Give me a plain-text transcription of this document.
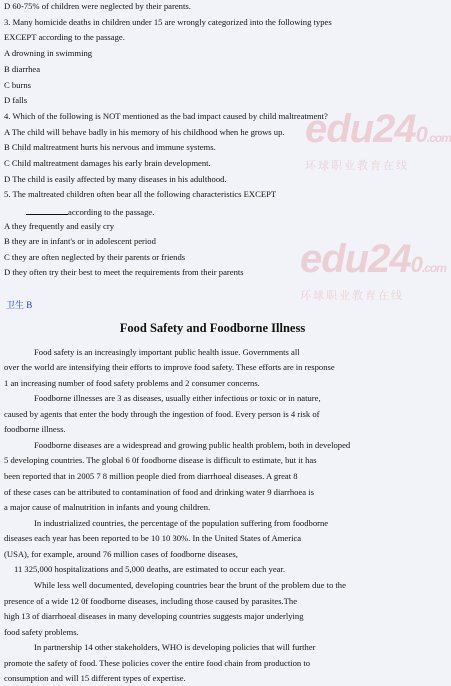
edu240.com
环球职业教育在线
edu240.com
环球职业教育在线
D 60-75% of children were neglected by their parents.
3. Many homicide deaths in children under 15 are wrongly categorized into the following types
EXCEPT according to the passage.
A drowning in swimming
B diarrhea
C burns
D falls
4. Which of the following is NOT mentioned as the bad impact caused by child maltreatment?
A The child will behave badly in his memory of his childhood when he grows up.
B Child maltreatment hurts his nervous and immune systems.
C Child maltreatment damages his early brain development.
D The child is easily affected by many diseases in his adulthood.
5. The maltreated children often bear all the following characteristics EXCEPT
according to the passage.
A they frequently and easily cry
B they are in infant's or in adolescent period
C they are often neglected by their parents or friends
D they often try their best to meet the requirements from their parents
卫生 B
Food Safety and Foodborne Illness
Food safety is an increasingly important public health issue. Governments all
over the world are intensifying their efforts to improve food safety. These efforts are in response
1 an increasing number of food safety problems and 2 consumer concerns.
Foodborne illnesses are 3 as diseases, usually either infectious or toxic or in nature,
caused by agents that enter the body through the ingestion of food. Every person is 4 risk of
foodborne illness.
Foodborne diseases are a widespread and growing public health problem, both in developed
5 developing countries. The global 6 0f foodborne disease is difficult to estimate, but it has
been reported that in 2005 7 8 million people died from diarrhoeal diseases. A great 8
of these cases can be attributed to contamination of food and drinking water 9 diarrhoea is
a major cause of malnutrition in infants and young children.
In industrialized countries, the percentage of the population suffering from foodborne
diseases each year has been reported to be 10 10 30%. In the United States of America
(USA), for example, around 76 million cases of foodborne diseases,
11 325,000 hospitalizations and 5,000 deaths, are estimated to occur each year.
While less well documented, developing countries bear the brunt of the problem due to the
presence of a wide 12 0f foodborne diseases, including those caused by parasites.The
high 13 of diarrhoeal diseases in many developing countries suggests major underlying
food safety problems.
In partnership 14 other stakeholders, WHO is developing policies that will further
promote the safety of food. These policies cover the entire food chain from production to
consumption and will 15 different types of expertise.
